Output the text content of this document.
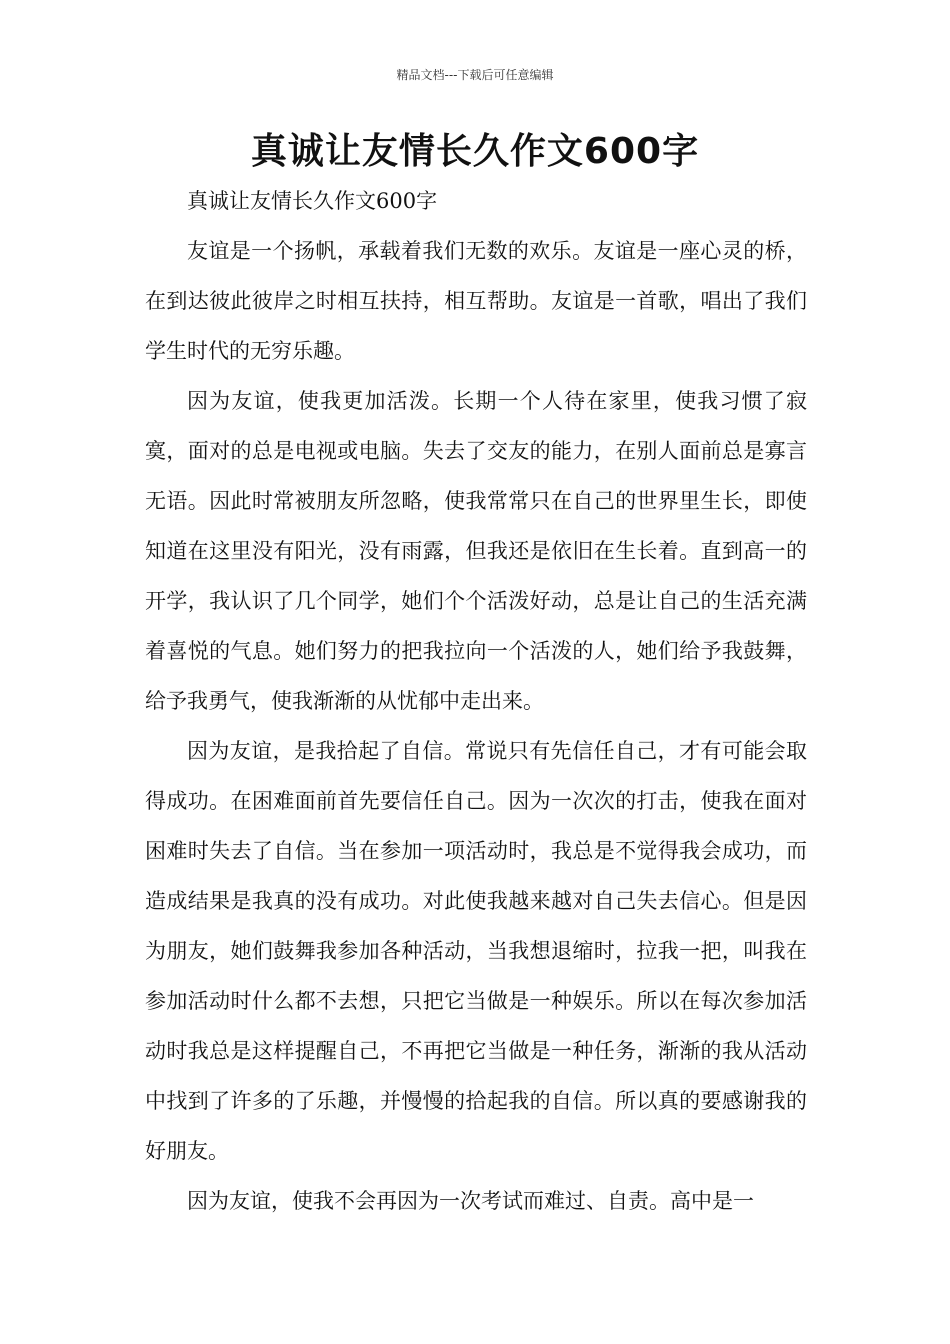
精品文档---下载后可任意编辑
真诚让友情长久作文600字

真诚让友情长久作文600字

友谊是一个扬帆，承载着我们无数的欢乐。友谊是一座心灵的桥，在到达彼此彼岸之时相互扶持，相互帮助。友谊是一首歌，唱出了我们学生时代的无穷乐趣。

因为友谊，使我更加活泼。长期一个人待在家里，使我习惯了寂寞，面对的总是电视或电脑。失去了交友的能力，在别人面前总是寡言无语。因此时常被朋友所忽略，使我常常只在自己的世界里生长，即使知道在这里没有阳光，没有雨露，但我还是依旧在生长着。直到高一的开学，我认识了几个同学，她们个个活泼好动，总是让自己的生活充满着喜悦的气息。她们努力的把我拉向一个活泼的人，她们给予我鼓舞，给予我勇气，使我渐渐的从忧郁中走出来。

因为友谊，是我拾起了自信。常说只有先信任自己，才有可能会取得成功。在困难面前首先要信任自己。因为一次次的打击，使我在面对困难时失去了自信。当在参加一项活动时，我总是不觉得我会成功，而造成结果是我真的没有成功。对此使我越来越对自己失去信心。但是因为朋友，她们鼓舞我参加各种活动，当我想退缩时，拉我一把，叫我在参加活动时什么都不去想，只把它当做是一种娱乐。所以在每次参加活动时我总是这样提醒自己，不再把它当做是一种任务，渐渐的我从活动中找到了许多的了乐趣，并慢慢的拾起我的自信。所以真的要感谢我的好朋友。

因为友谊，使我不会再因为一次考试而难过、自责。高中是一
